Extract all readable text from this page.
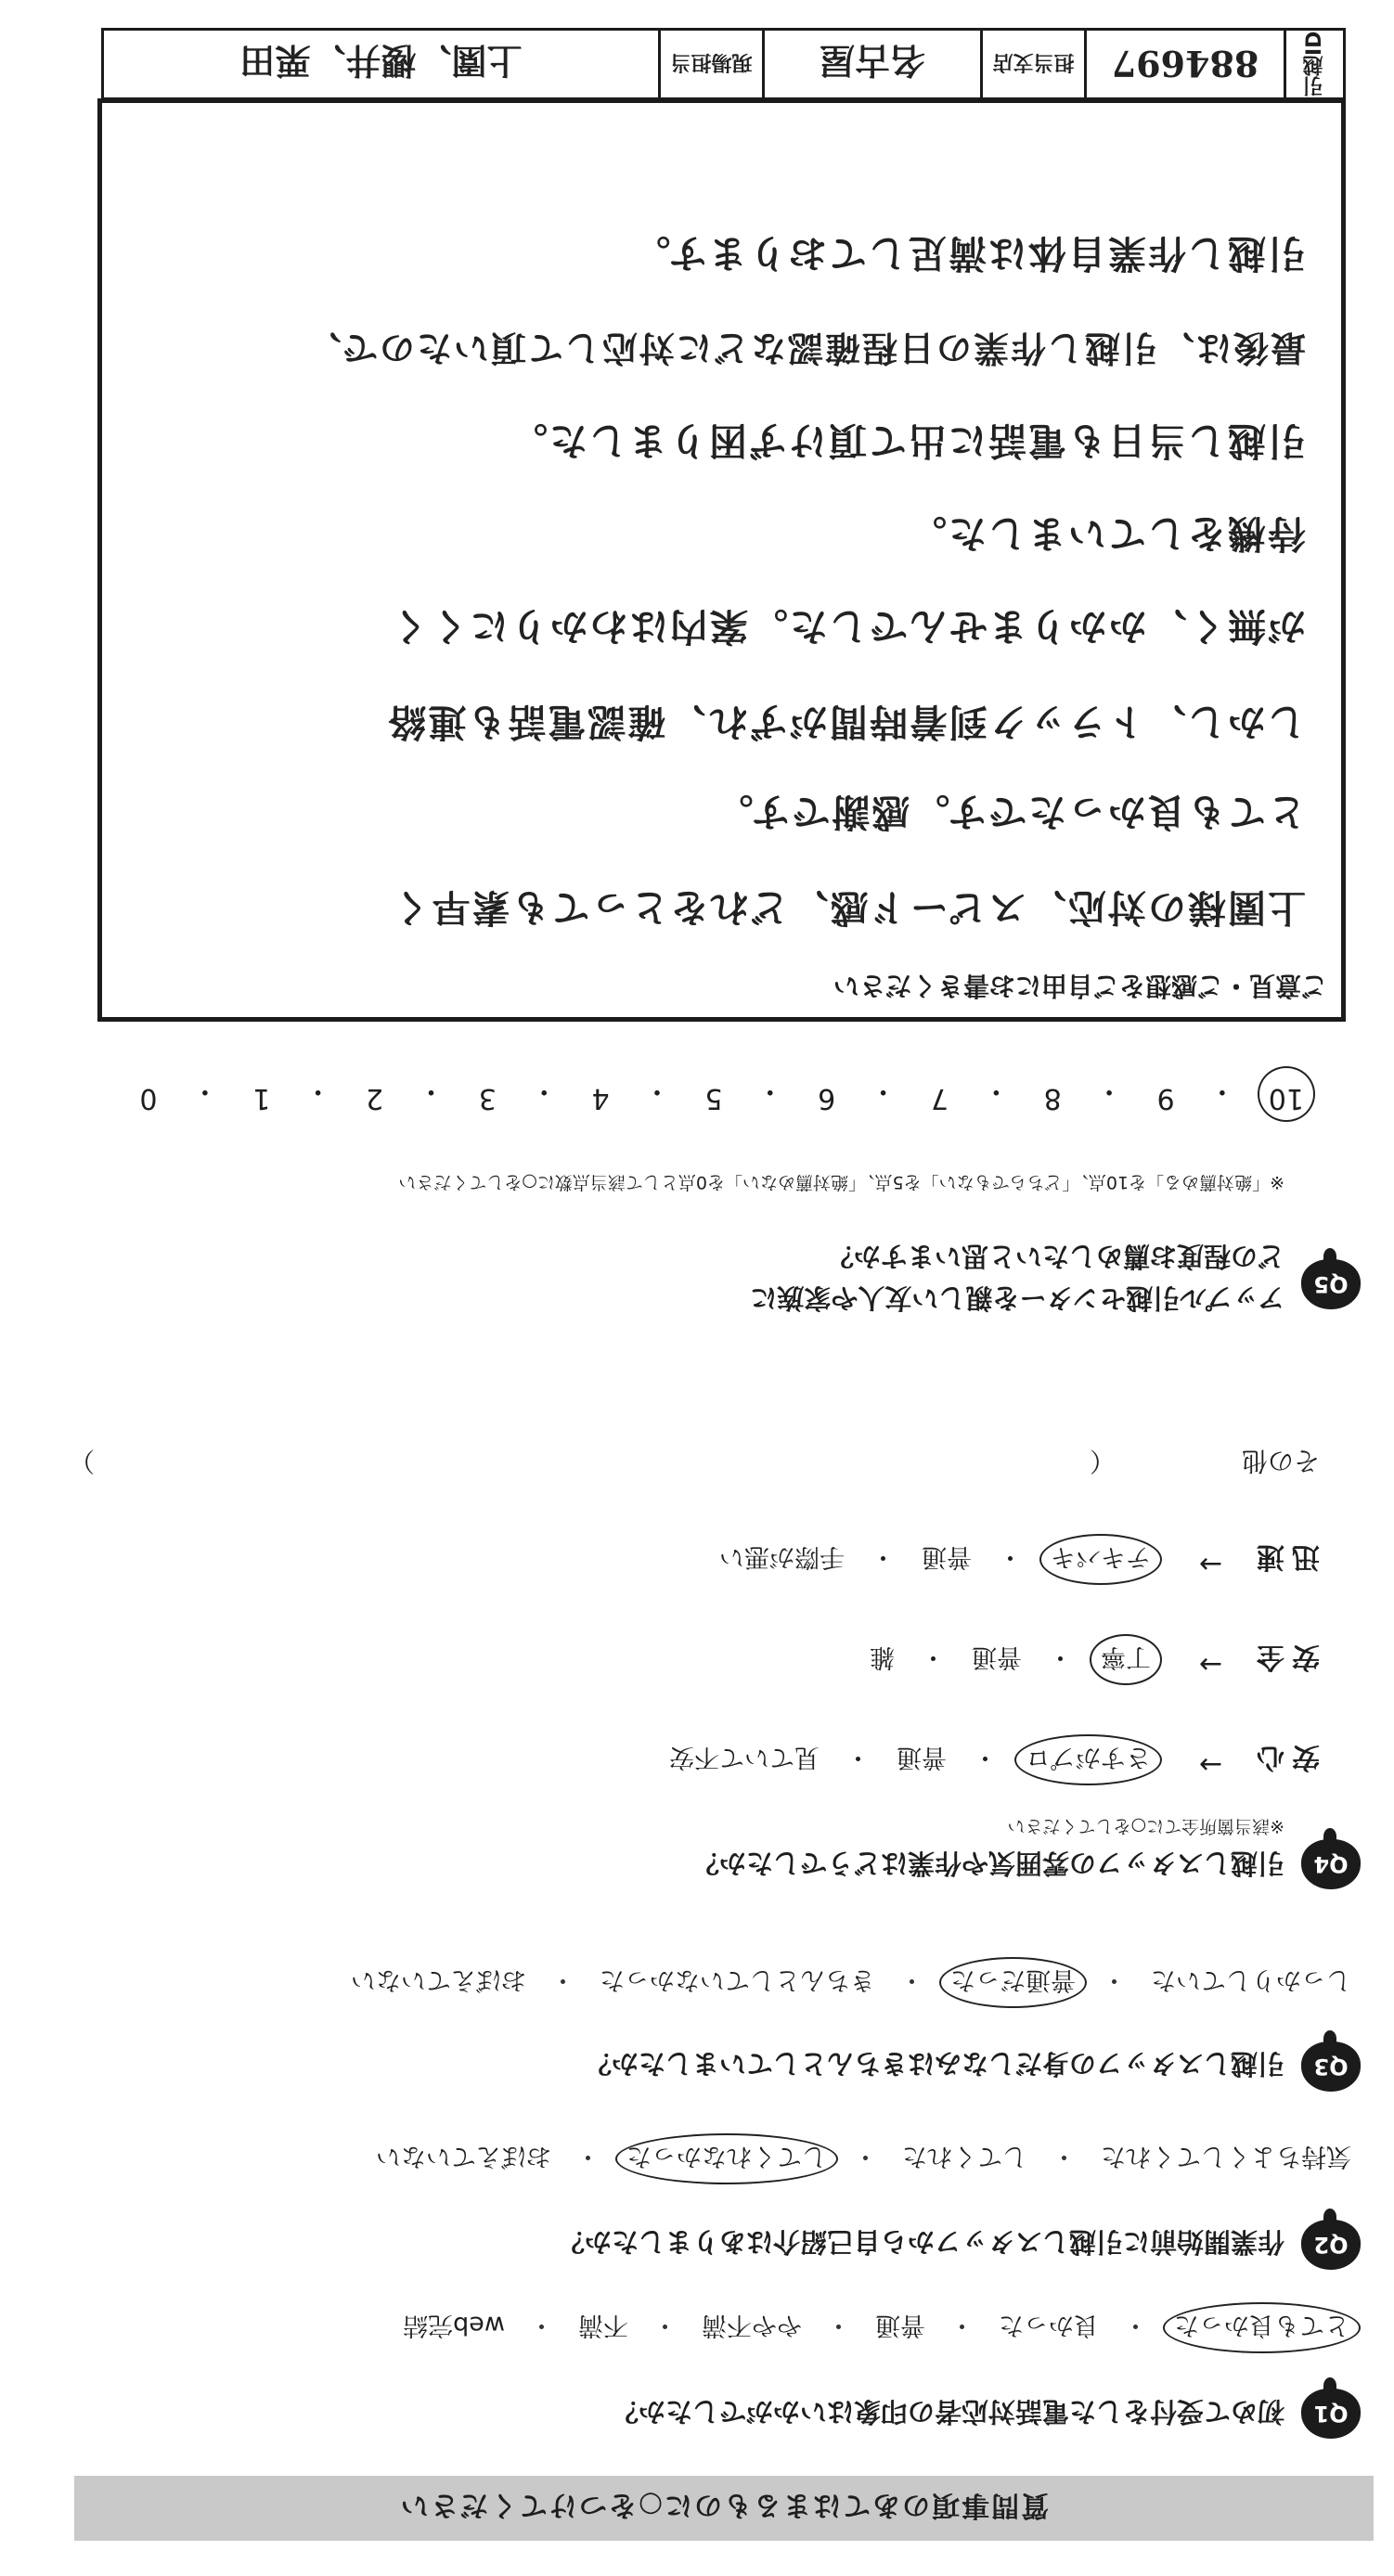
質問事項のあてはまるものに○をつけてください
Q1
初めて受付をした電話対応者の印象はいかがでしたか？
とても良かった
・
良かった
・
普通
・
やや不満
・
不満
・
web完結
Q2
作業開始前に引越しスタッフから自己紹介はありましたか？
気持ちよくしてくれた
・
してくれた
・
してくれなかった
・
おぼえていない
Q3
引越しスタッフの身だしなみはきちんとしていましたか？
しっかりしていた
・
普通だった
・
きちんとしていなかった
・
おぼえていない
Q4
引越しスタッフの雰囲気や作業はどうでしたか？
※該当箇所全てに○をしてください
安心
→
さすがプロ
・
普通
・
見ていて不安
安全
→
丁寧
・
普通
・
雑
迅速
→
テキパキ
・
普通
・
手際が悪い
その他
（
）
Q5
アップル引越センターを親しい友人や家族に
どの程度お薦めしたいと思いますか？
※「絶対薦める」を10点、「どちらでもない」を5点、「絶対薦めない」を0点として該当点数に○をしてください
10
・
9
・
8
・
7
・
6
・
5
・
4
・
3
・
2
・
1
・
0
ご意見・ご感想をご自由にお書きください
上園様の対応、スピード感、どれをとっても素早く
とても良かったです。感謝です。
しかし、トラック到着時間がずれ、確認電話も連絡
が無く、かかりませんでした。案内はわかりにくく
待機をしていました。
引越し当日も電話に出て頂けず困りました。
最後は、引越し作業の日程確認などに対応して頂いたので、
引越し作業自体は満足しております。
引越ID
884697
担当支店
名古屋
現場担当
上園、櫻井、栗田
